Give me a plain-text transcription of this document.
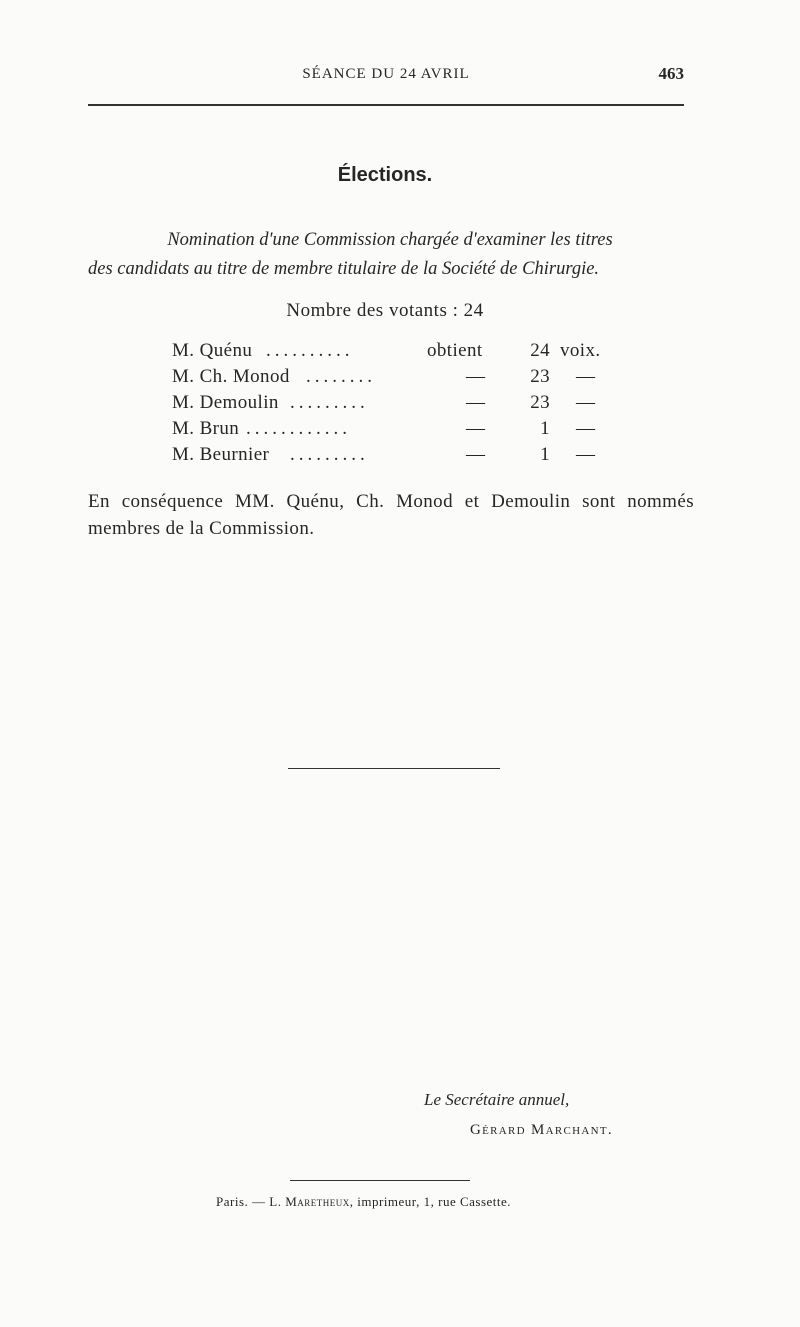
SÉANCE DU 24 AVRIL	463
Élections.
Nomination d'une Commission chargée d'examiner les titres
des candidats au titre de membre titulaire de la Société de Chirurgie.
Nombre des votants : 24
M. Quénu ..........	obtient	24 voix.
M. Ch. Monod ........	—	23 —
M. Demoulin .........	—	23 —
M. Brun ............	—	1 —
M. Beurnier .........	—	1 —
En conséquence MM. Quénu, Ch. Monod et Demoulin sont nommés membres de la Commission.
Le Secrétaire annuel,
Gérard Marchant.
Paris. — L. Maretheux, imprimeur, 1, rue Cassette.
